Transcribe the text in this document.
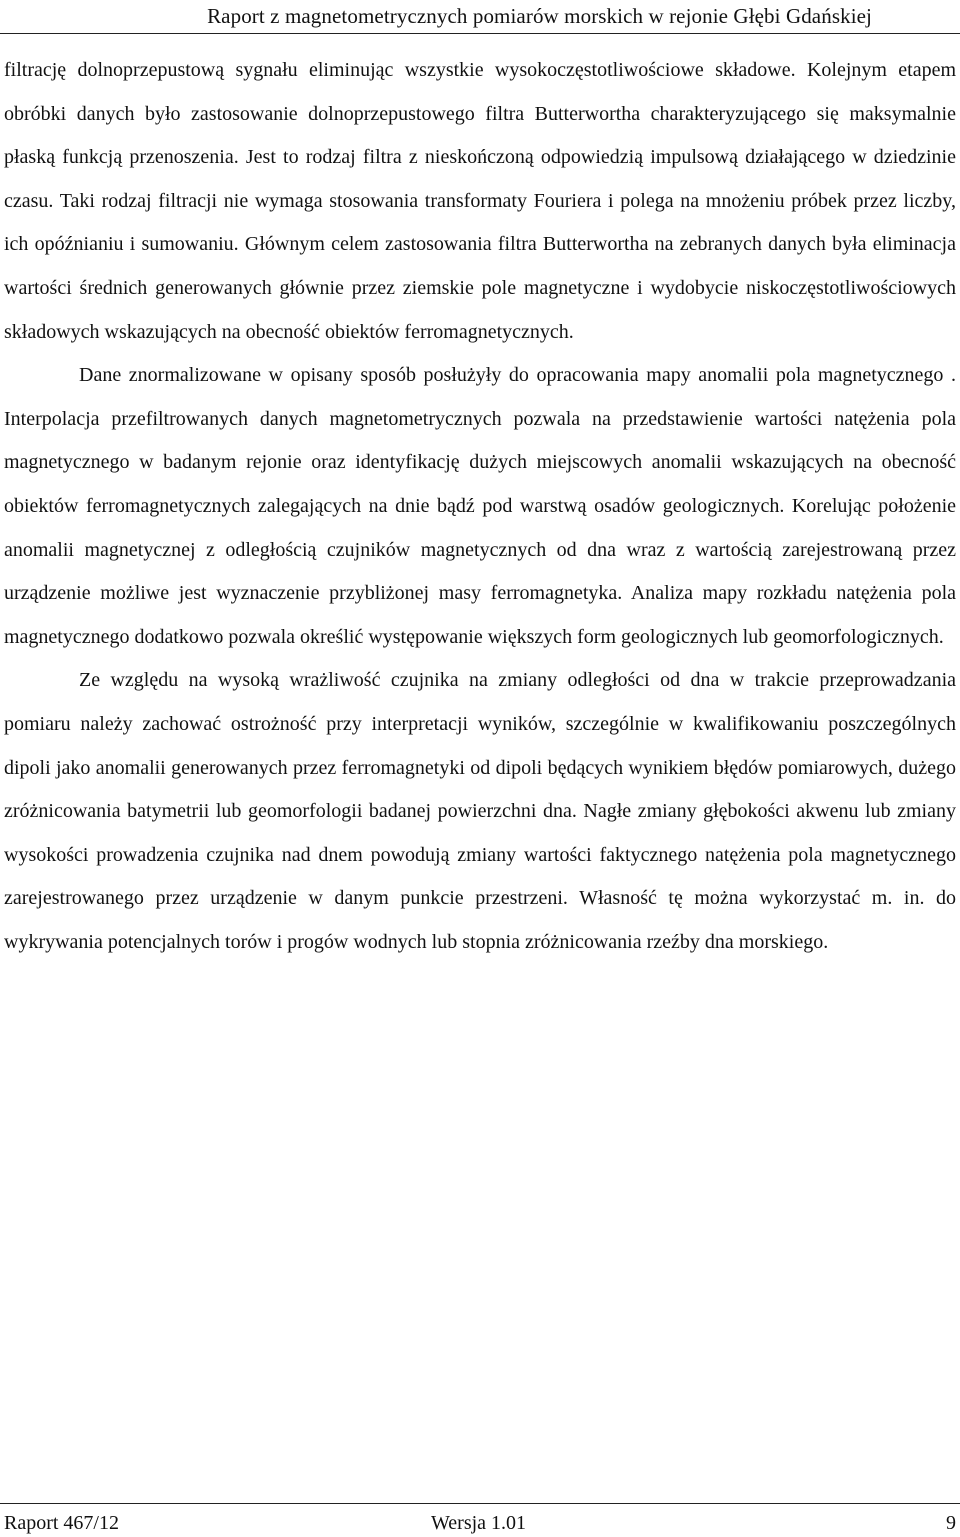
Raport z magnetometrycznych pomiarów morskich w rejonie Głębi Gdańskiej

filtrację dolnoprzepustową sygnału eliminując wszystkie wysokoczęstotliwościowe składowe. Kolejnym etapem obróbki danych było zastosowanie dolnoprzepustowego filtra Butterwortha charakteryzującego się maksymalnie płaską funkcją przenoszenia. Jest to rodzaj filtra z nieskończoną odpowiedzią impulsową działającego w dziedzinie czasu. Taki rodzaj filtracji nie wymaga stosowania transformaty Fouriera i polega na mnożeniu próbek przez liczby, ich opóźnianiu i sumowaniu. Głównym celem zastosowania filtra Butterwortha na zebranych danych była eliminacja wartości średnich generowanych głównie przez ziemskie pole magnetyczne i wydobycie niskoczęstotliwościowych składowych wskazujących na obecność obiektów ferromagnetycznych.

Dane znormalizowane w opisany sposób posłużyły do opracowania mapy anomalii pola magnetycznego . Interpolacja przefiltrowanych danych magnetometrycznych pozwala na przedstawienie wartości natężenia pola magnetycznego w badanym rejonie oraz identyfikację dużych miejscowych anomalii wskazujących na obecność obiektów ferromagnetycznych zalegających na dnie bądź pod warstwą osadów geologicznych. Korelując położenie anomalii magnetycznej z odległością czujników magnetycznych od dna wraz z wartością zarejestrowaną przez urządzenie możliwe jest wyznaczenie przybliżonej masy ferromagnetyka. Analiza mapy rozkładu natężenia pola magnetycznego dodatkowo pozwala określić występowanie większych form geologicznych lub geomorfologicznych.

Ze względu na wysoką wrażliwość czujnika na zmiany odległości od dna w trakcie przeprowadzania pomiaru należy zachować ostrożność przy interpretacji wyników, szczególnie w kwalifikowaniu poszczególnych dipoli jako anomalii generowanych przez ferromagnetyki od dipoli będących wynikiem błędów pomiarowych, dużego zróżnicowania batymetrii lub geomorfologii badanej powierzchni dna. Nagłe zmiany głębokości akwenu lub zmiany wysokości prowadzenia czujnika nad dnem powodują zmiany wartości faktycznego natężenia pola magnetycznego zarejestrowanego przez urządzenie w danym punkcie przestrzeni. Własność tę można wykorzystać m. in. do wykrywania potencjalnych torów i progów wodnych lub stopnia zróżnicowania rzeźby dna morskiego.

Raport 467/12	Wersja 1.01	9
